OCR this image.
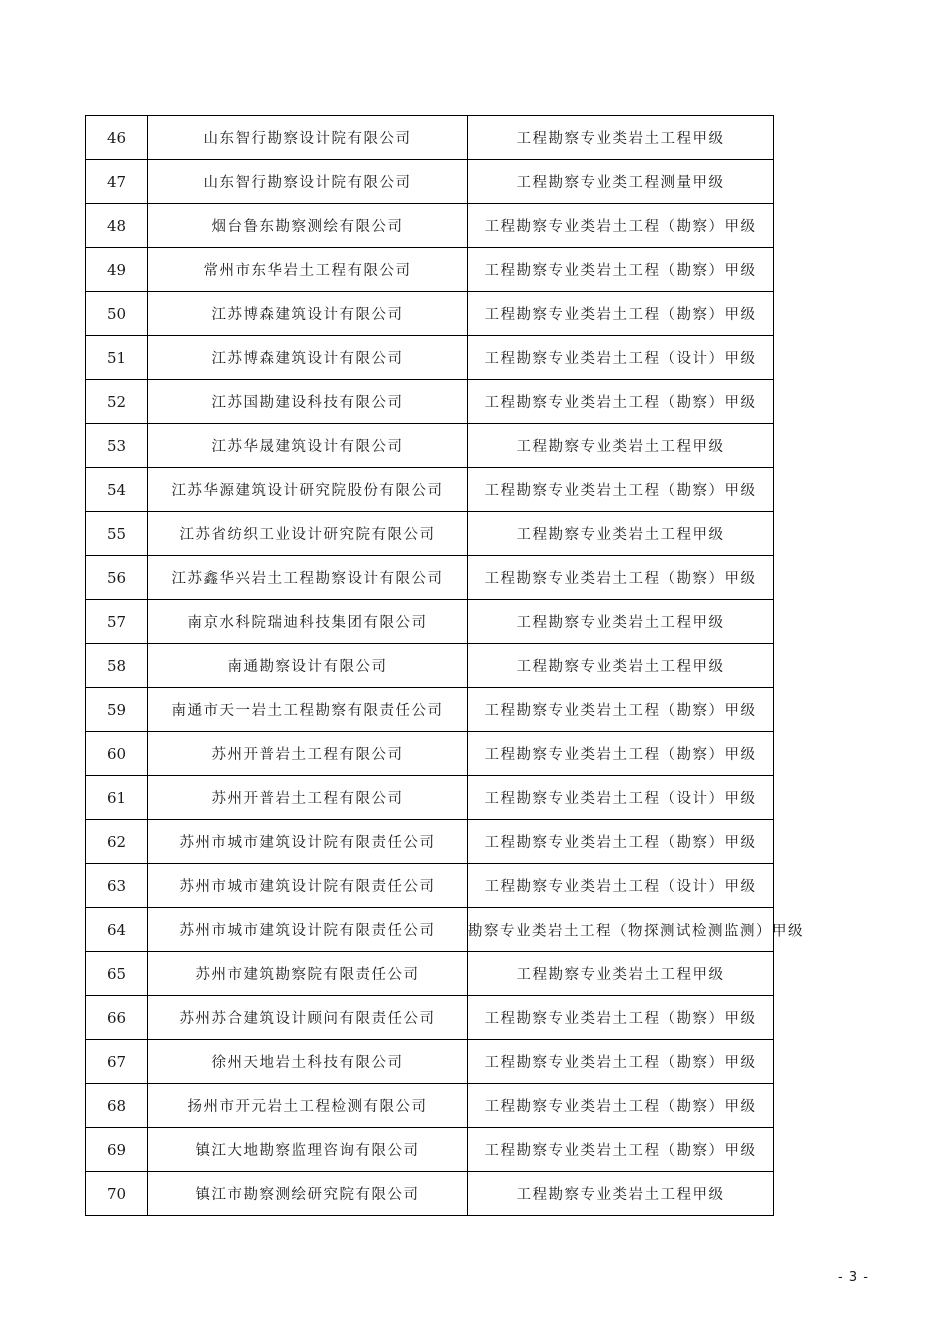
46	山东智行勘察设计院有限公司	工程勘察专业类岩土工程甲级
47	山东智行勘察设计院有限公司	工程勘察专业类工程测量甲级
48	烟台鲁东勘察测绘有限公司	工程勘察专业类岩土工程（勘察）甲级
49	常州市东华岩土工程有限公司	工程勘察专业类岩土工程（勘察）甲级
50	江苏博森建筑设计有限公司	工程勘察专业类岩土工程（勘察）甲级
51	江苏博森建筑设计有限公司	工程勘察专业类岩土工程（设计）甲级
52	江苏国勘建设科技有限公司	工程勘察专业类岩土工程（勘察）甲级
53	江苏华晟建筑设计有限公司	工程勘察专业类岩土工程甲级
54	江苏华源建筑设计研究院股份有限公司	工程勘察专业类岩土工程（勘察）甲级
55	江苏省纺织工业设计研究院有限公司	工程勘察专业类岩土工程甲级
56	江苏鑫华兴岩土工程勘察设计有限公司	工程勘察专业类岩土工程（勘察）甲级
57	南京水科院瑞迪科技集团有限公司	工程勘察专业类岩土工程甲级
58	南通勘察设计有限公司	工程勘察专业类岩土工程甲级
59	南通市天一岩土工程勘察有限责任公司	工程勘察专业类岩土工程（勘察）甲级
60	苏州开普岩土工程有限公司	工程勘察专业类岩土工程（勘察）甲级
61	苏州开普岩土工程有限公司	工程勘察专业类岩土工程（设计）甲级
62	苏州市城市建筑设计院有限责任公司	工程勘察专业类岩土工程（勘察）甲级
63	苏州市城市建筑设计院有限责任公司	工程勘察专业类岩土工程（设计）甲级
64	苏州市城市建筑设计院有限责任公司	勘察专业类岩土工程（物探测试检测监测）甲级

65	苏州市建筑勘察院有限责任公司	工程勘察专业类岩土工程甲级
66	苏州苏合建筑设计顾问有限责任公司	工程勘察专业类岩土工程（勘察）甲级
67	徐州天地岩土科技有限公司	工程勘察专业类岩土工程（勘察）甲级
68	扬州市开元岩土工程检测有限公司	工程勘察专业类岩土工程（勘察）甲级
69	镇江大地勘察监理咨询有限公司	工程勘察专业类岩土工程（勘察）甲级
70	镇江市勘察测绘研究院有限公司	工程勘察专业类岩土工程甲级
- 3 -
